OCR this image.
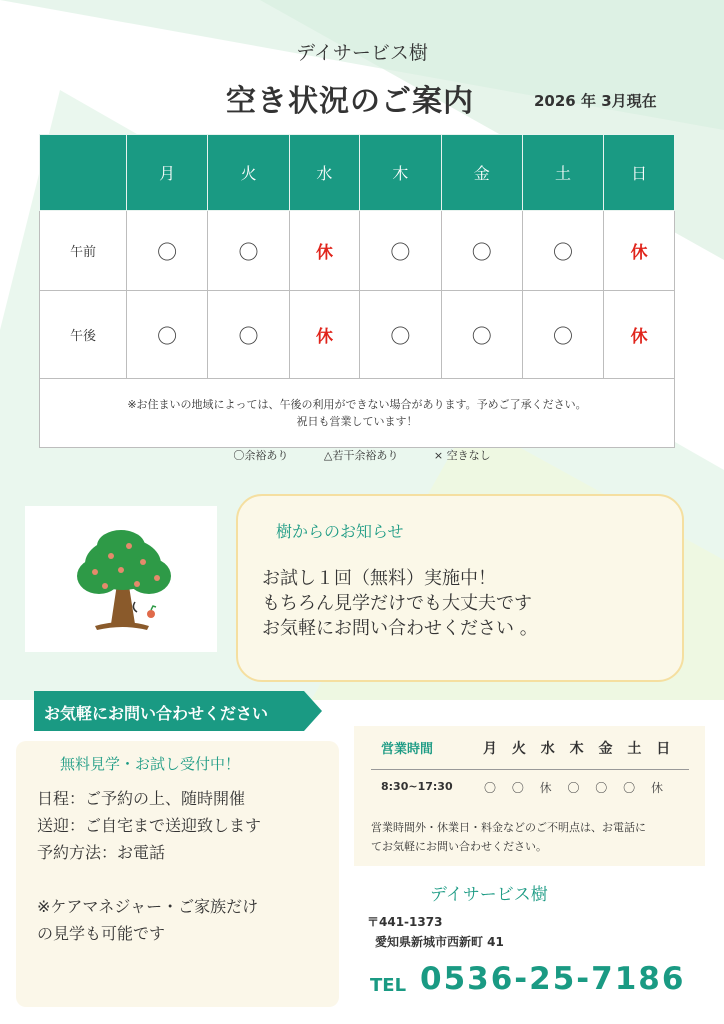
デイサービス樹
空き状況のご案内	2026 年 3月現在
	月	火	水	木	金	土	日
午前	〇	〇	休	〇	〇	〇	休
午後	〇	〇	休	〇	〇	〇	休

※お住まいの地域によっては、午後の利用ができない場合があります。予めご了承ください。
祝日も営業しています！							
〇余裕あり	△若干余裕あり	× 空きなし
樹からのお知らせ
お試し１回（無料）実施中！
もちろん見学だけでも大丈夫です
お気軽にお問い合わせください 。
お気軽にお問い合わせください
無料見学・お試し受付中！
日程：ご予約の上、随時開催
送迎：ご自宅まで送迎致します
予約方法：お電話
※ケアマネジャー・ご家族だけ
の見学も可能です
営業時間	月 火 水 木 金 土 日
8:30~17:30	〇 〇 休 〇 〇 〇 休
営業時間外・休業日・料金などのご不明点は、お電話に
てお気軽にお問い合わせください。
デイサービス樹
〒441-1373
愛知県新城市西新町 41
TEL 0536-25-7186
